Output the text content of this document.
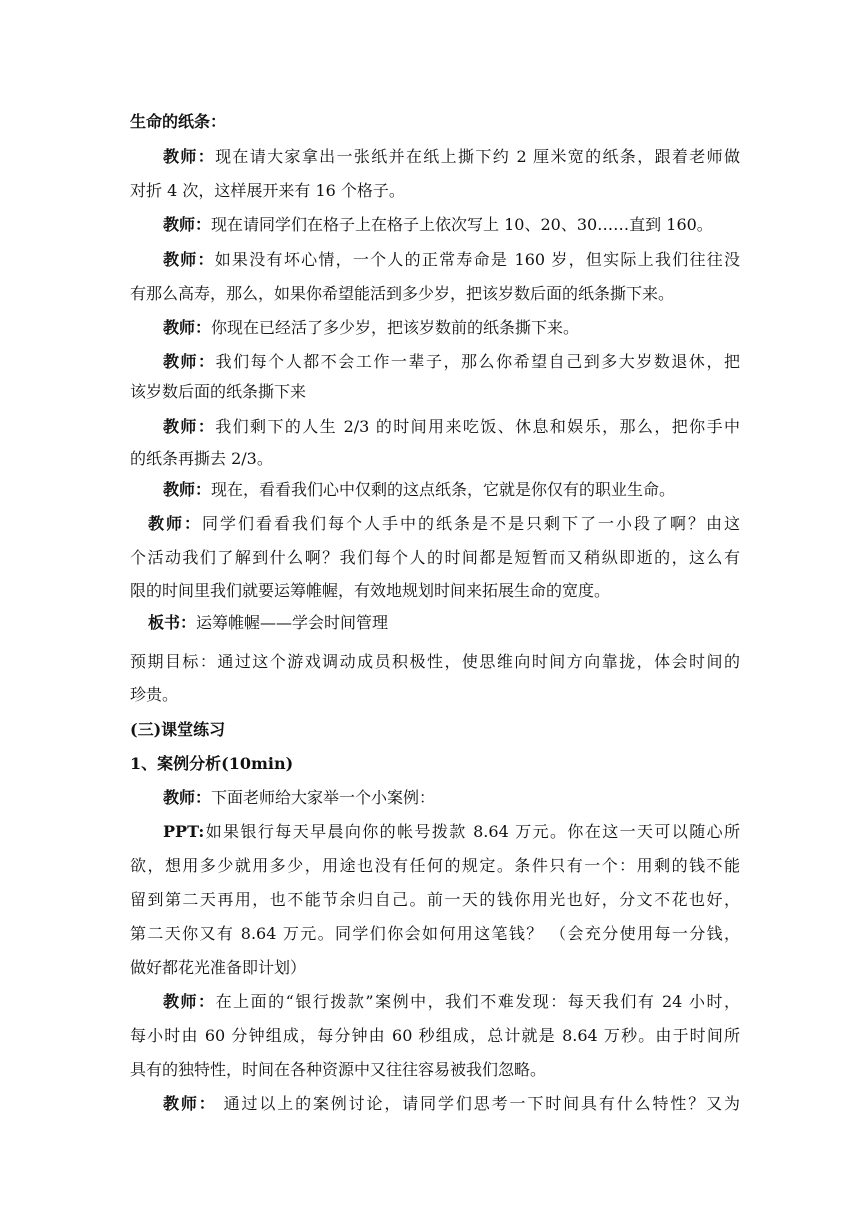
生命的纸条：
教师：现在请大家拿出一张纸并在纸上撕下约 2 厘米宽的纸条，跟着老师做
对折 4 次，这样展开来有 16 个格子。
教师：现在请同学们在格子上在格子上依次写上 10、20、30……直到 160。
教师：如果没有坏心情，一个人的正常寿命是 160 岁，但实际上我们往往没
有那么高寿，那么，如果你希望能活到多少岁，把该岁数后面的纸条撕下来。
教师：你现在已经活了多少岁，把该岁数前的纸条撕下来。
教师：我们每个人都不会工作一辈子，那么你希望自己到多大岁数退休，把
该岁数后面的纸条撕下来
教师：我们剩下的人生 2/3 的时间用来吃饭、休息和娱乐，那么，把你手中
的纸条再撕去 2/3。
教师：现在，看看我们心中仅剩的这点纸条，它就是你仅有的职业生命。
教师：同学们看看我们每个人手中的纸条是不是只剩下了一小段了啊？由这
个活动我们了解到什么啊？我们每个人的时间都是短暂而又稍纵即逝的，这么有
限的时间里我们就要运筹帷幄，有效地规划时间来拓展生命的宽度。
板书：运筹帷幄——学会时间管理
预期目标：通过这个游戏调动成员积极性，使思维向时间方向靠拢，体会时间的
珍贵。
(三)课堂练习
1、案例分析(10min)
教师：下面老师给大家举一个小案例：
PPT:如果银行每天早晨向你的帐号拨款 8.64 万元。你在这一天可以随心所
欲，想用多少就用多少，用途也没有任何的规定。条件只有一个：用剩的钱不能
留到第二天再用，也不能节余归自己。前一天的钱你用光也好，分文不花也好，
第二天你又有 8.64 万元。同学们你会如何用这笔钱？ （会充分使用每一分钱，
做好都花光准备即计划）
教师：在上面的“银行拨款”案例中，我们不难发现：每天我们有 24 小时，
每小时由 60 分钟组成，每分钟由 60 秒组成，总计就是 8.64 万秒。由于时间所
具有的独特性，时间在各种资源中又往往容易被我们忽略。
教师： 通过以上的案例讨论，请同学们思考一下时间具有什么特性？又为
